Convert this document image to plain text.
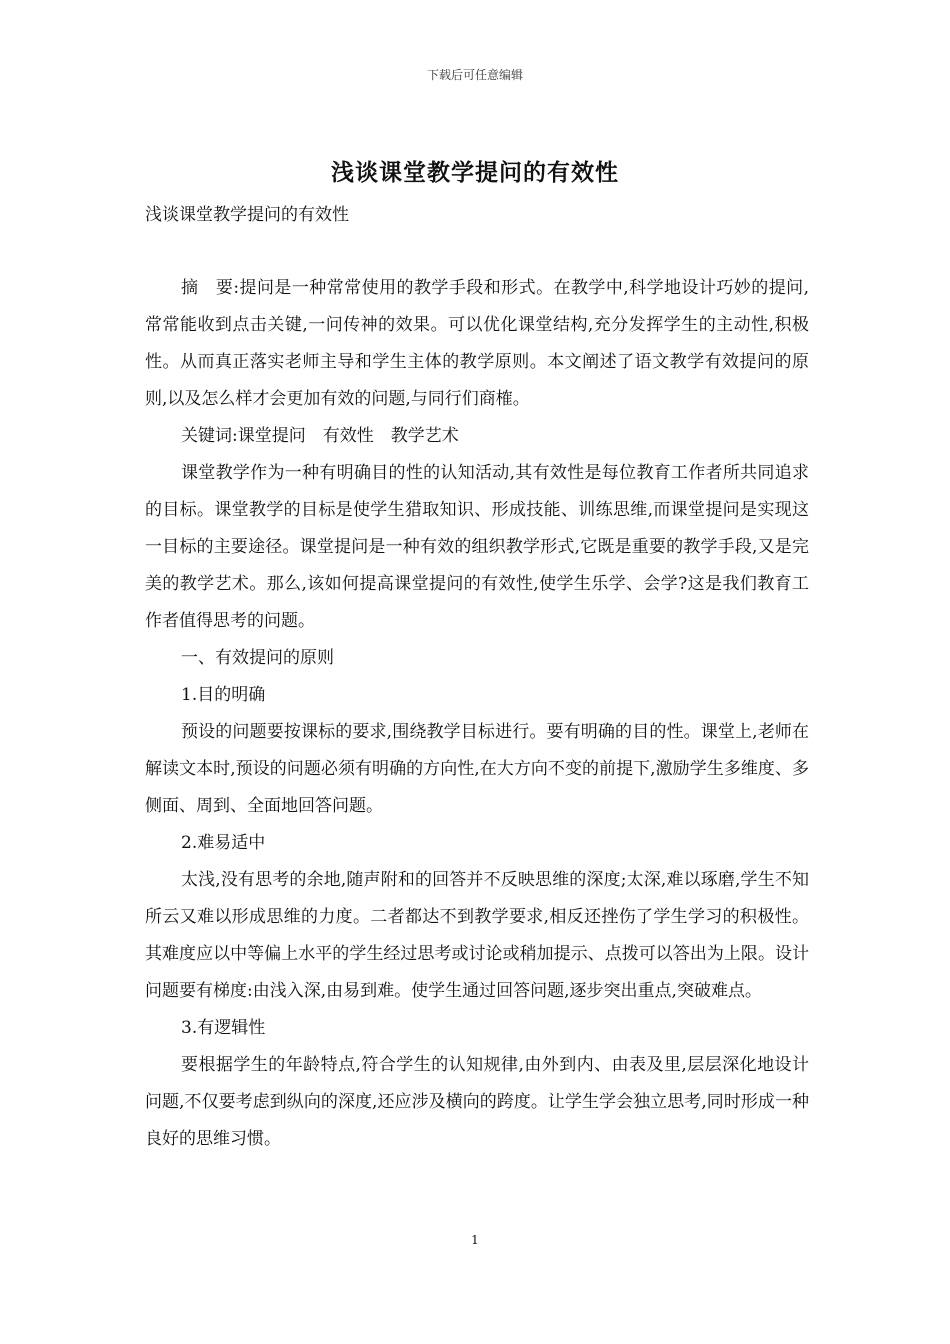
下载后可任意编辑
浅谈课堂教学提问的有效性
浅谈课堂教学提问的有效性

摘　要:提问是一种常常使用的教学手段和形式。在教学中,科学地设计巧妙的提问,常常能收到点击关键,一问传神的效果。可以优化课堂结构,充分发挥学生的主动性,积极性。从而真正落实老师主导和学生主体的教学原则。本文阐述了语文教学有效提问的原则,以及怎么样才会更加有效的问题,与同行们商榷。

关键词:课堂提问　有效性　教学艺术

课堂教学作为一种有明确目的性的认知活动,其有效性是每位教育工作者所共同追求的目标。课堂教学的目标是使学生猎取知识、形成技能、训练思维,而课堂提问是实现这一目标的主要途径。课堂提问是一种有效的组织教学形式,它既是重要的教学手段,又是完美的教学艺术。那么,该如何提高课堂提问的有效性,使学生乐学、会学?这是我们教育工作者值得思考的问题。

一、有效提问的原则

1.目的明确

预设的问题要按课标的要求,围绕教学目标进行。要有明确的目的性。课堂上,老师在解读文本时,预设的问题必须有明确的方向性,在大方向不变的前提下,激励学生多维度、多侧面、周到、全面地回答问题。

2.难易适中

太浅,没有思考的余地,随声附和的回答并不反映思维的深度;太深,难以琢磨,学生不知所云又难以形成思维的力度。二者都达不到教学要求,相反还挫伤了学生学习的积极性。其难度应以中等偏上水平的学生经过思考或讨论或稍加提示、点拨可以答出为上限。设计问题要有梯度:由浅入深,由易到难。使学生通过回答问题,逐步突出重点,突破难点。

3.有逻辑性

要根据学生的年龄特点,符合学生的认知规律,由外到内、由表及里,层层深化地设计问题,不仅要考虑到纵向的深度,还应涉及横向的跨度。让学生学会独立思考,同时形成一种良好的思维习惯。

1
